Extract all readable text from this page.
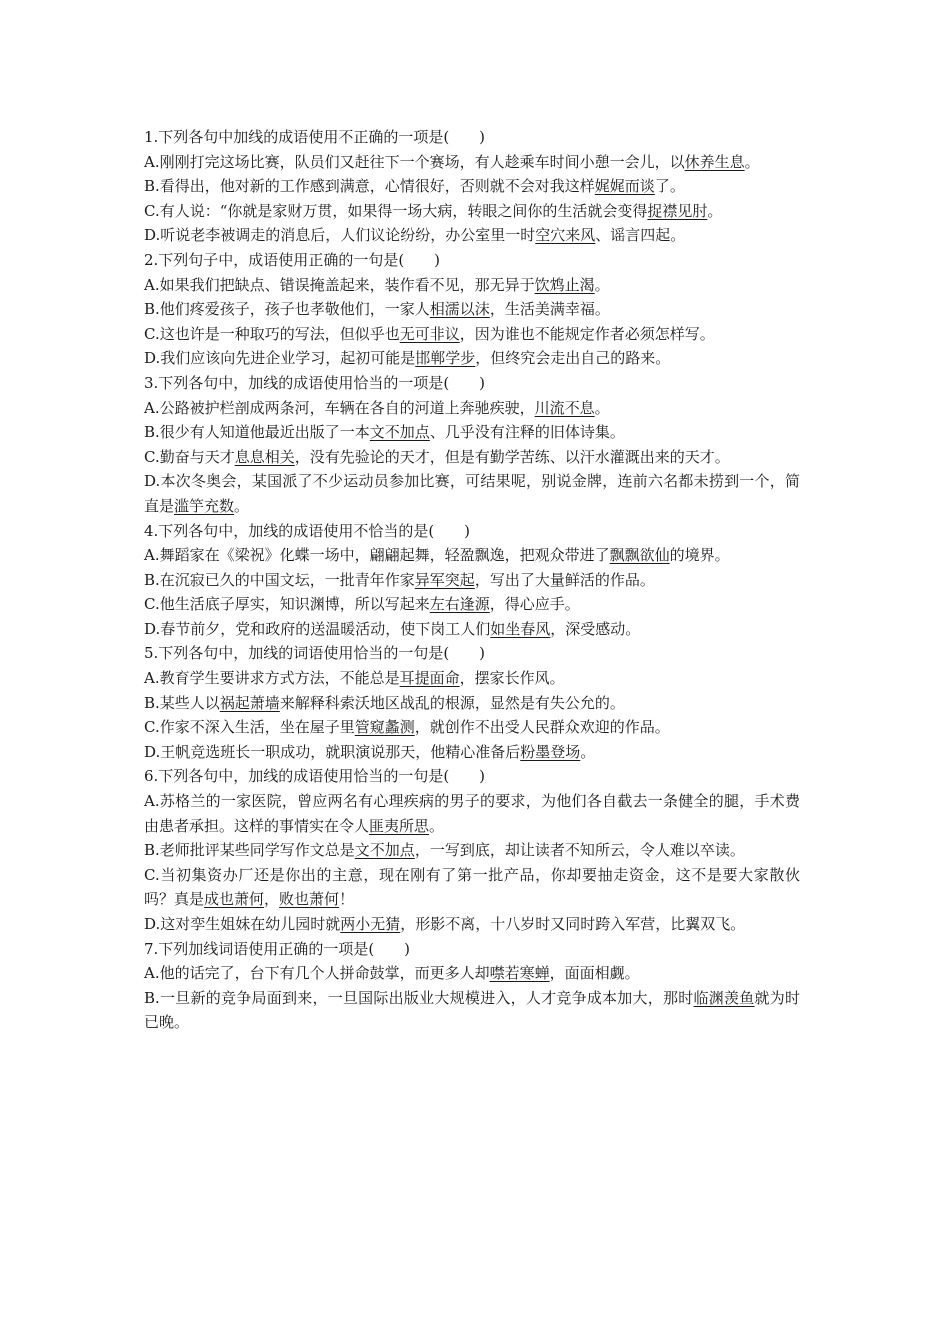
1.下列各句中加线的成语使用不正确的一项是(　　)

A.刚刚打完这场比赛，队员们又赶往下一个赛场，有人趁乘车时间小憩一会儿，以休养生息。

B.看得出，他对新的工作感到满意，心情很好，否则就不会对我这样娓娓而谈了。

C.有人说：“你就是家财万贯，如果得一场大病，转眼之间你的生活就会变得捉襟见肘。

D.听说老李被调走的消息后，人们议论纷纷，办公室里一时空穴来风、谣言四起。

2.下列句子中，成语使用正确的一句是(　　)

A.如果我们把缺点、错误掩盖起来，装作看不见，那无异于饮鸩止渴。

B.他们疼爱孩子，孩子也孝敬他们，一家人相濡以沫，生活美满幸福。

C.这也许是一种取巧的写法，但似乎也无可非议，因为谁也不能规定作者必须怎样写。

D.我们应该向先进企业学习，起初可能是邯郸学步，但终究会走出自己的路来。

3.下列各句中，加线的成语使用恰当的一项是(　　)

A.公路被护栏剖成两条河，车辆在各自的河道上奔驰疾驶，川流不息。

B.很少有人知道他最近出版了一本文不加点、几乎没有注释的旧体诗集。

C.勤奋与天才息息相关，没有先验论的天才，但是有勤学苦练、以汗水灌溉出来的天才。

D.本次冬奥会，某国派了不少运动员参加比赛，可结果呢，别说金牌，连前六名都未捞到一个，简直是滥竽充数。

4.下列各句中，加线的成语使用不恰当的是(　　)

A.舞蹈家在《梁祝》化蝶一场中，翩翩起舞，轻盈飘逸，把观众带进了飘飘欲仙的境界。

B.在沉寂已久的中国文坛，一批青年作家异军突起，写出了大量鲜活的作品。

C.他生活底子厚实，知识渊博，所以写起来左右逢源，得心应手。

D.春节前夕，党和政府的送温暖活动，使下岗工人们如坐春风，深受感动。

5.下列各句中，加线的词语使用恰当的一句是(　　)

A.教育学生要讲求方式方法，不能总是耳提面命，摆家长作风。

B.某些人以祸起萧墙来解释科索沃地区战乱的根源，显然是有失公允的。

C.作家不深入生活，坐在屋子里管窥蠡测，就创作不出受人民群众欢迎的作品。

D.王帆竞选班长一职成功，就职演说那天，他精心准备后粉墨登场。

6.下列各句中，加线的成语使用恰当的一句是(　　)

A.苏格兰的一家医院，曾应两名有心理疾病的男子的要求，为他们各自截去一条健全的腿，手术费由患者承担。这样的事情实在令人匪夷所思。

B.老师批评某些同学写作文总是文不加点，一写到底，却让读者不知所云，令人难以卒读。

C.当初集资办厂还是你出的主意，现在刚有了第一批产品，你却要抽走资金，这不是要大家散伙吗？真是成也萧何，败也萧何！

D.这对孪生姐妹在幼儿园时就两小无猜，形影不离，十八岁时又同时跨入军营，比翼双飞。

7.下列加线词语使用正确的一项是(　　)

A.他的话完了，台下有几个人拼命鼓掌，而更多人却噤若寒蝉，面面相觑。

B.一旦新的竞争局面到来，一旦国际出版业大规模进入，人才竞争成本加大，那时临渊羡鱼就为时已晚。
